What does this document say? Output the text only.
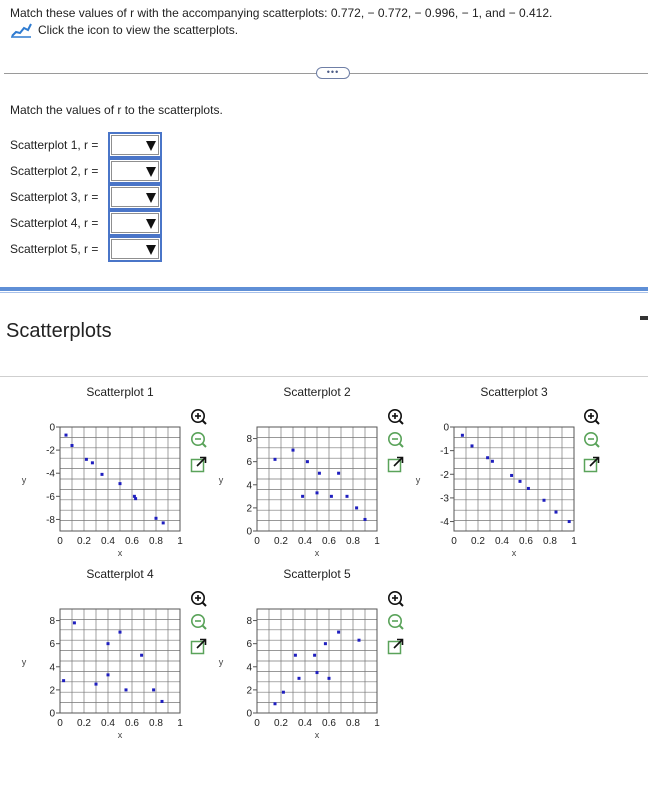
Match these values of r with the accompanying scatterplots: 0.772, − 0.772, − 0.996, − 1, and − 0.412.
Click the icon to view the scatterplots.
•••
Match the values of r to the scatterplots.
Scatterplot 1, r =
Scatterplot 2, r =
Scatterplot 3, r =
Scatterplot 4, r =
Scatterplot 5, r =
Scatterplots
Scatterplot 1
0 0.2 0.4 0.6 0.8 1
x
0
-2
-4
-6
-8
y
Scatterplot 2
0 0.2 0.4 0.6 0.8 1
x
0
2
4
6
8
y
Scatterplot 3
0 0.2 0.4 0.6 0.8 1
x
0
-1
-2
-3
-4
y
Scatterplot 4
0 0.2 0.4 0.6 0.8 1
x
0
2
4
6
8
y
Scatterplot 5
0 0.2 0.4 0.6 0.8 1
x
0
2
4
6
8
y
